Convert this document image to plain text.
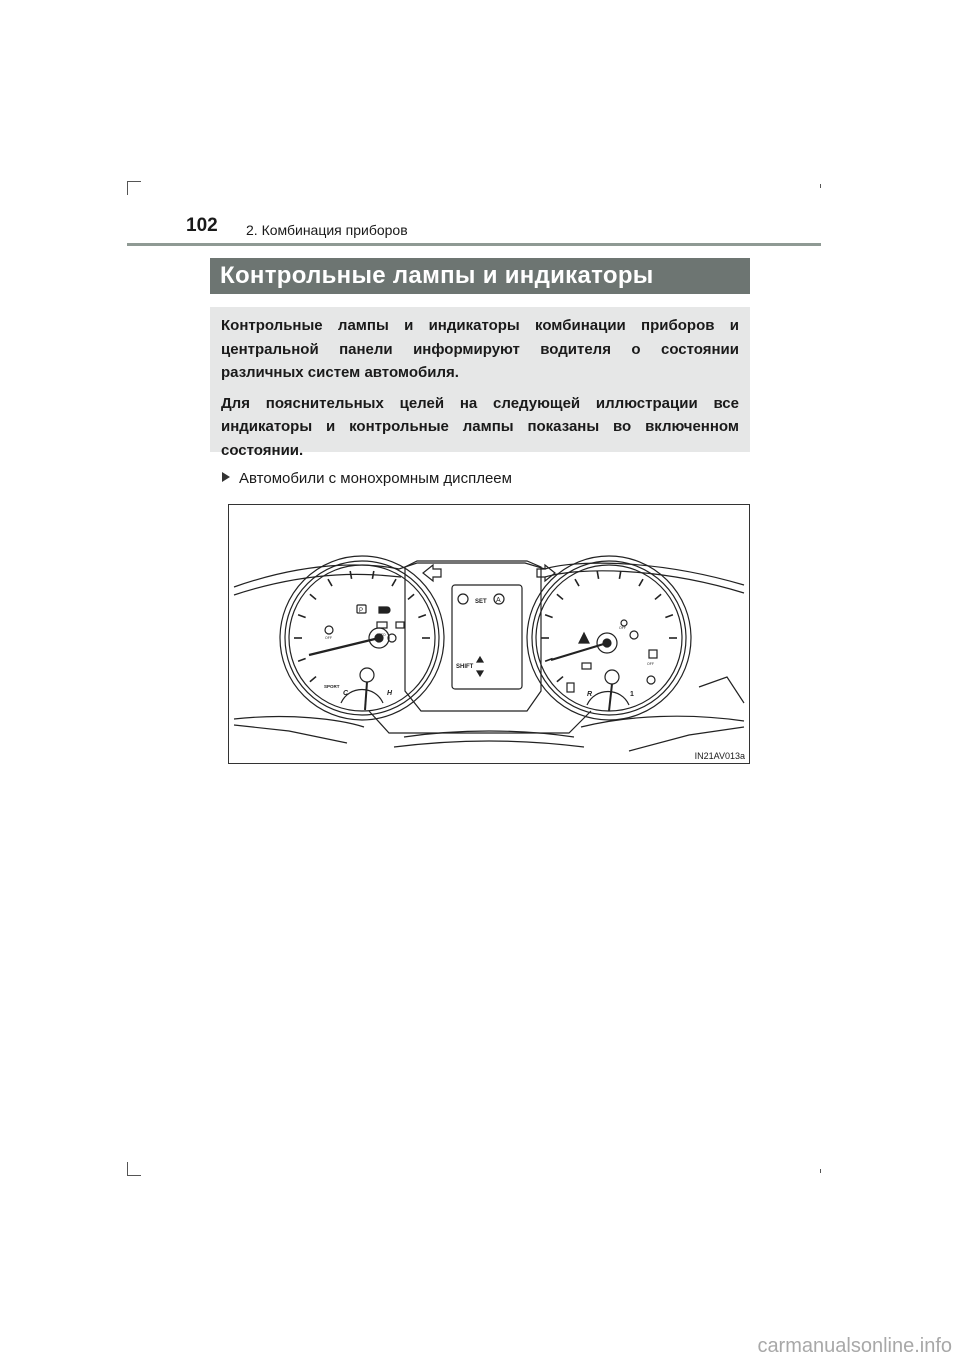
102 2. Комбинация приборов
Контрольные лампы и индикаторы

Контрольные лампы и индикаторы комбинации приборов и центральной панели информируют водителя о состоянии различных систем автомобиля.

Для пояснительных целей на следующей иллюстрации все индикаторы и контрольные лампы показаны во включенном состоянии.

Автомобили с монохромным дисплеем
SET A
SHIFT
C	H
SPORT
P
AUTO
OFF
R	1
OFF
OFF
IN21AV013a
carmanualsonline.info
